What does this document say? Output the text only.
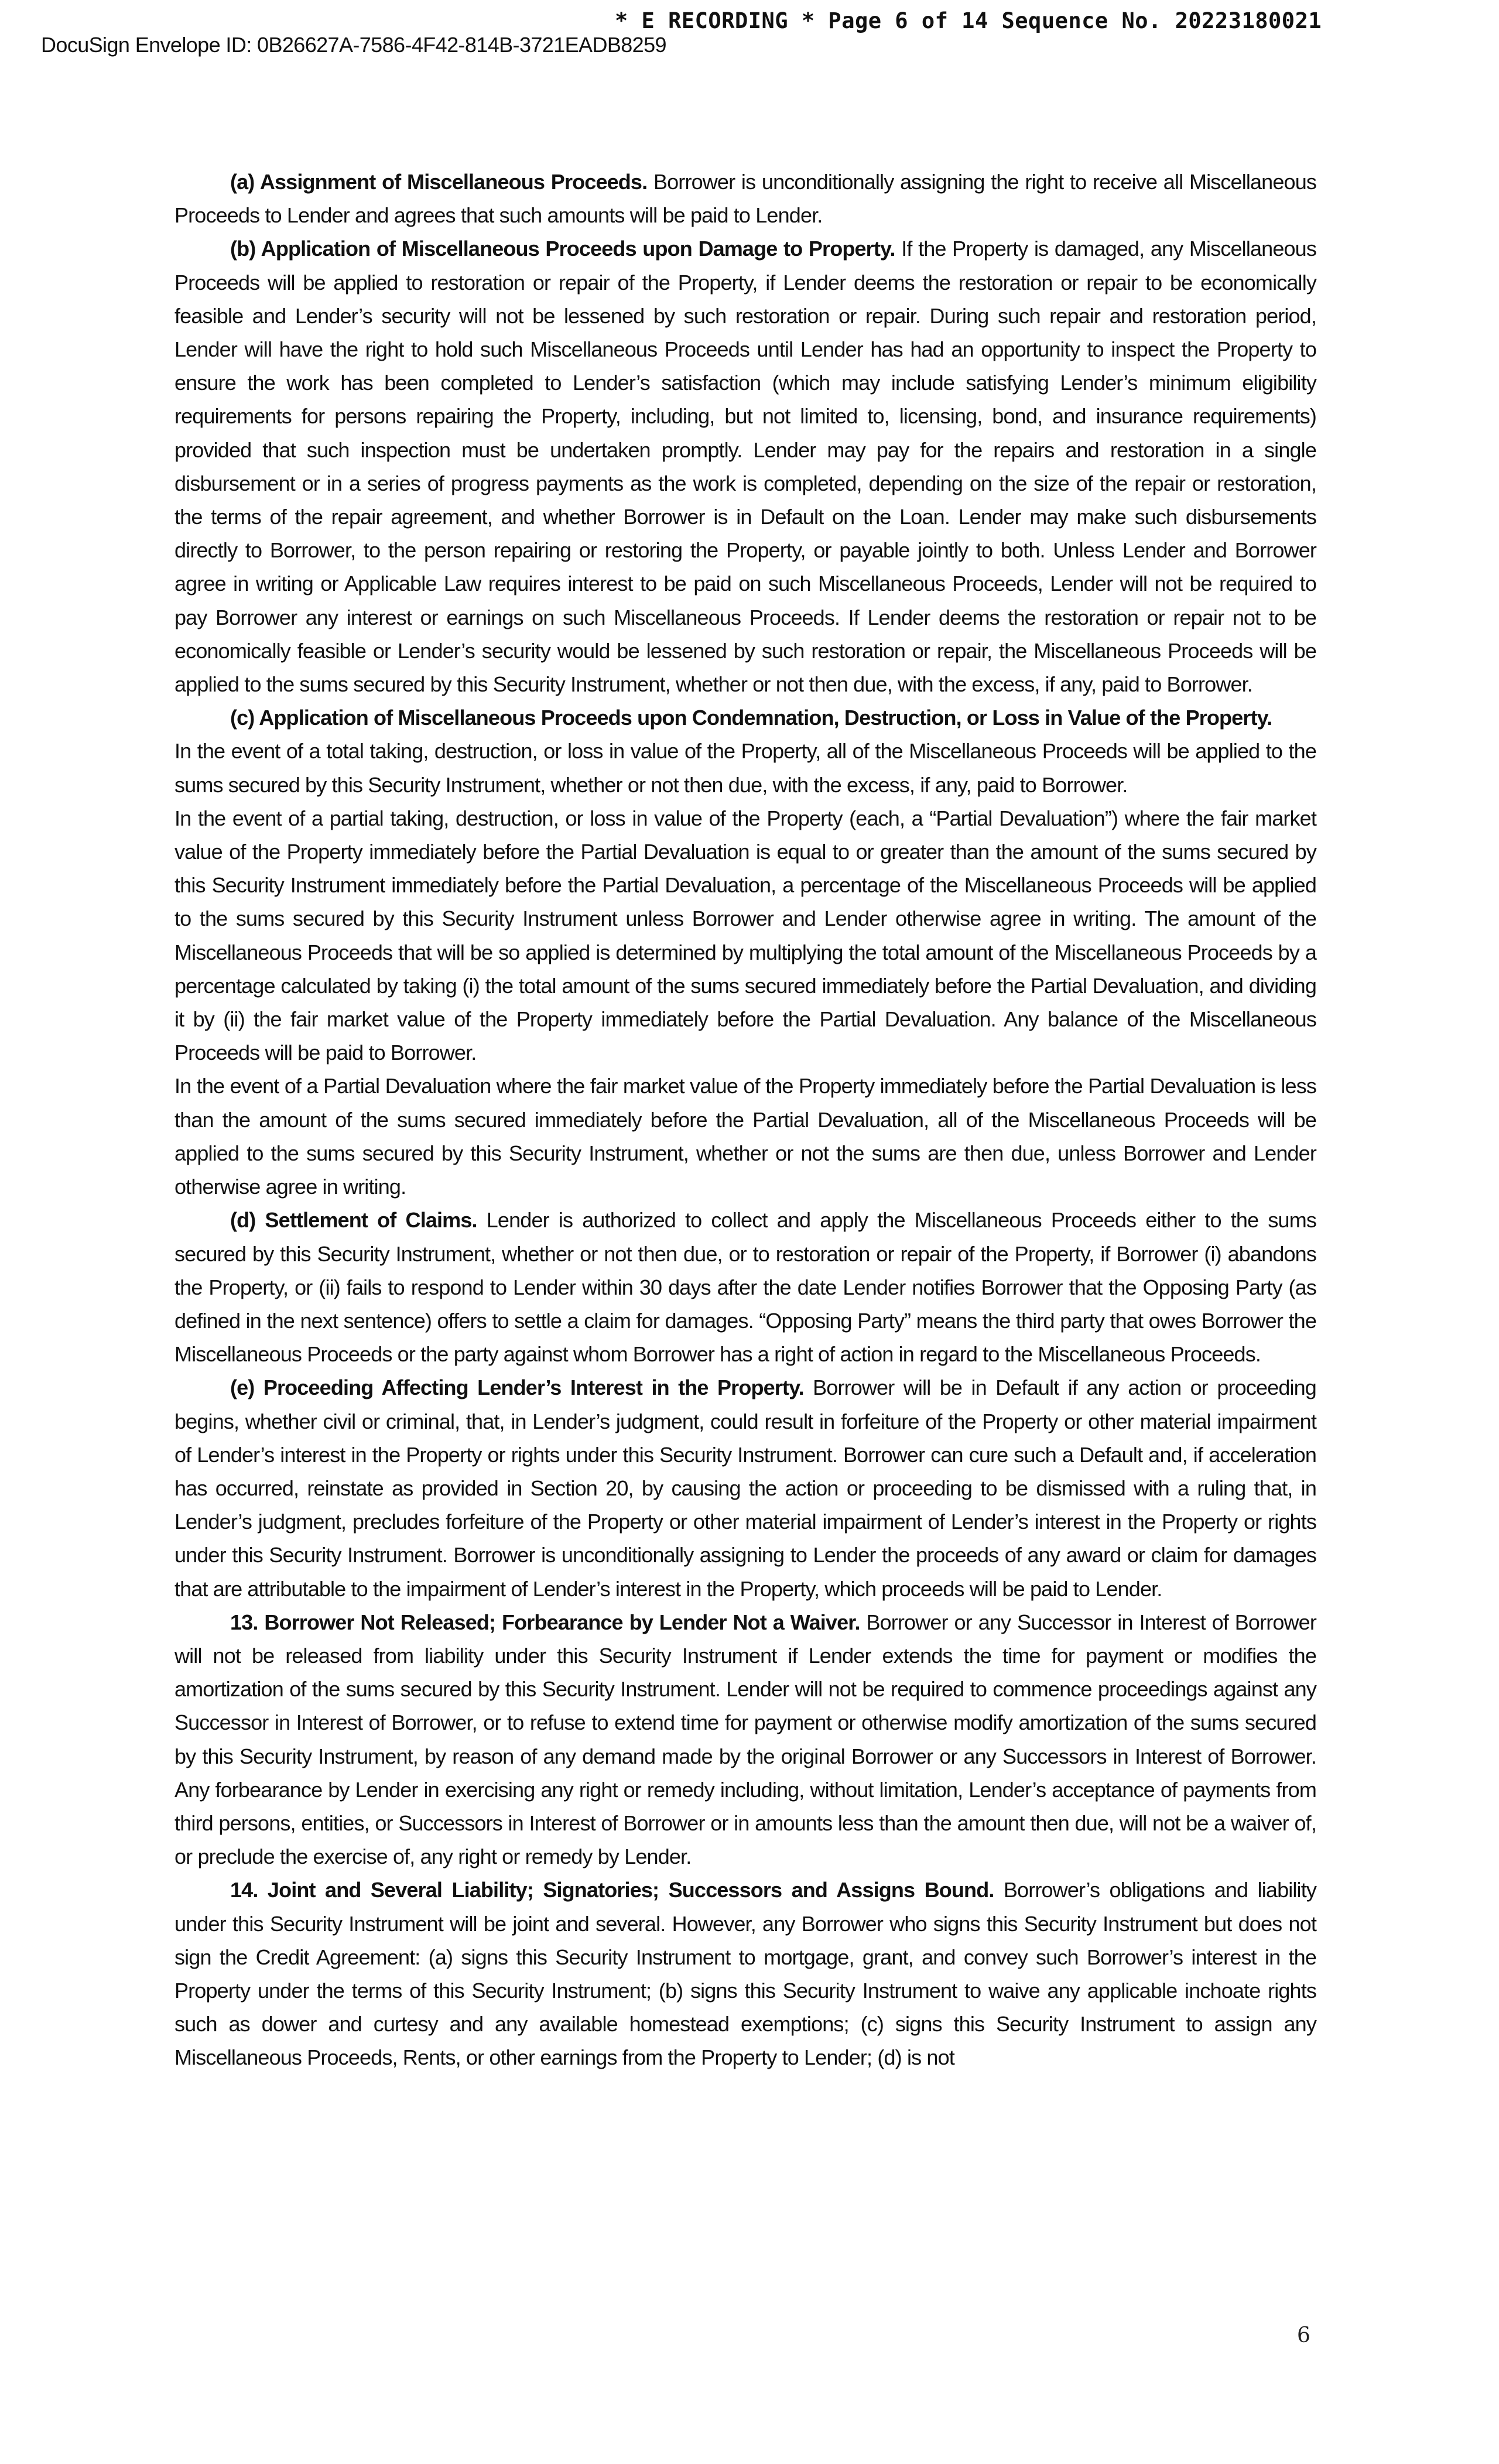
* E RECORDING * Page 6 of 14 Sequence No. 20223180021
DocuSign Envelope ID: 0B26627A-7586-4F42-814B-3721EADB8259

(a) Assignment of Miscellaneous Proceeds. Borrower is unconditionally assigning the right to receive all Miscellaneous Proceeds to Lender and agrees that such amounts will be paid to Lender.

(b) Application of Miscellaneous Proceeds upon Damage to Property. If the Property is damaged, any Miscellaneous Proceeds will be applied to restoration or repair of the Property, if Lender deems the restoration or repair to be economically feasible and Lender’s security will not be lessened by such restoration or repair. During such repair and restoration period, Lender will have the right to hold such Miscellaneous Proceeds until Lender has had an opportunity to inspect the Property to ensure the work has been completed to Lender’s satisfaction (which may include satisfying Lender’s minimum eligibility requirements for persons repairing the Property, including, but not limited to, licensing, bond, and insurance requirements) provided that such inspection must be undertaken promptly. Lender may pay for the repairs and restoration in a single disbursement or in a series of progress payments as the work is completed, depending on the size of the repair or restoration, the terms of the repair agreement, and whether Borrower is in Default on the Loan. Lender may make such disbursements directly to Borrower, to the person repairing or restoring the Property, or payable jointly to both. Unless Lender and Borrower agree in writing or Applicable Law requires interest to be paid on such Miscellaneous Proceeds, Lender will not be required to pay Borrower any interest or earnings on such Miscellaneous Proceeds. If Lender deems the restoration or repair not to be economically feasible or Lender’s security would be lessened by such restoration or repair, the Miscellaneous Proceeds will be applied to the sums secured by this Security Instrument, whether or not then due, with the excess, if any, paid to Borrower.

(c) Application of Miscellaneous Proceeds upon Condemnation, Destruction, or Loss in Value of the Property.
In the event of a total taking, destruction, or loss in value of the Property, all of the Miscellaneous Proceeds will be applied to the sums secured by this Security Instrument, whether or not then due, with the excess, if any, paid to Borrower.

In the event of a partial taking, destruction, or loss in value of the Property (each, a “Partial Devaluation”) where the fair market value of the Property immediately before the Partial Devaluation is equal to or greater than the amount of the sums secured by this Security Instrument immediately before the Partial Devaluation, a percentage of the Miscellaneous Proceeds will be applied to the sums secured by this Security Instrument unless Borrower and Lender otherwise agree in writing. The amount of the Miscellaneous Proceeds that will be so applied is determined by multiplying the total amount of the Miscellaneous Proceeds by a percentage calculated by taking (i) the total amount of the sums secured immediately before the Partial Devaluation, and dividing it by (ii) the fair market value of the Property immediately before the Partial Devaluation. Any balance of the Miscellaneous Proceeds will be paid to Borrower.

In the event of a Partial Devaluation where the fair market value of the Property immediately before the Partial Devaluation is less than the amount of the sums secured immediately before the Partial Devaluation, all of the Miscellaneous Proceeds will be applied to the sums secured by this Security Instrument, whether or not the sums are then due, unless Borrower and Lender otherwise agree in writing.

(d) Settlement of Claims. Lender is authorized to collect and apply the Miscellaneous Proceeds either to the sums secured by this Security Instrument, whether or not then due, or to restoration or repair of the Property, if Borrower (i) abandons the Property, or (ii) fails to respond to Lender within 30 days after the date Lender notifies Borrower that the Opposing Party (as defined in the next sentence) offers to settle a claim for damages. “Opposing Party” means the third party that owes Borrower the Miscellaneous Proceeds or the party against whom Borrower has a right of action in regard to the Miscellaneous Proceeds.

(e) Proceeding Affecting Lender’s Interest in the Property. Borrower will be in Default if any action or proceeding begins, whether civil or criminal, that, in Lender’s judgment, could result in forfeiture of the Property or other material impairment of Lender’s interest in the Property or rights under this Security Instrument. Borrower can cure such a Default and, if acceleration has occurred, reinstate as provided in Section 20, by causing the action or proceeding to be dismissed with a ruling that, in Lender’s judgment, precludes forfeiture of the Property or other material impairment of Lender’s interest in the Property or rights under this Security Instrument. Borrower is unconditionally assigning to Lender the proceeds of any award or claim for damages that are attributable to the impairment of Lender’s interest in the Property, which proceeds will be paid to Lender.

13. Borrower Not Released; Forbearance by Lender Not a Waiver. Borrower or any Successor in Interest of Borrower will not be released from liability under this Security Instrument if Lender extends the time for payment or modifies the amortization of the sums secured by this Security Instrument. Lender will not be required to commence proceedings against any Successor in Interest of Borrower, or to refuse to extend time for payment or otherwise modify amortization of the sums secured by this Security Instrument, by reason of any demand made by the original Borrower or any Successors in Interest of Borrower. Any forbearance by Lender in exercising any right or remedy including, without limitation, Lender’s acceptance of payments from third persons, entities, or Successors in Interest of Borrower or in amounts less than the amount then due, will not be a waiver of, or preclude the exercise of, any right or remedy by Lender.

14. Joint and Several Liability; Signatories; Successors and Assigns Bound. Borrower’s obligations and liability under this Security Instrument will be joint and several. However, any Borrower who signs this Security Instrument but does not sign the Credit Agreement: (a) signs this Security Instrument to mortgage, grant, and convey such Borrower’s interest in the Property under the terms of this Security Instrument; (b) signs this Security Instrument to waive any applicable inchoate rights such as dower and curtesy and any available homestead exemptions; (c) signs this Security Instrument to assign any Miscellaneous Proceeds, Rents, or other earnings from the Property to Lender; (d) is not

6
